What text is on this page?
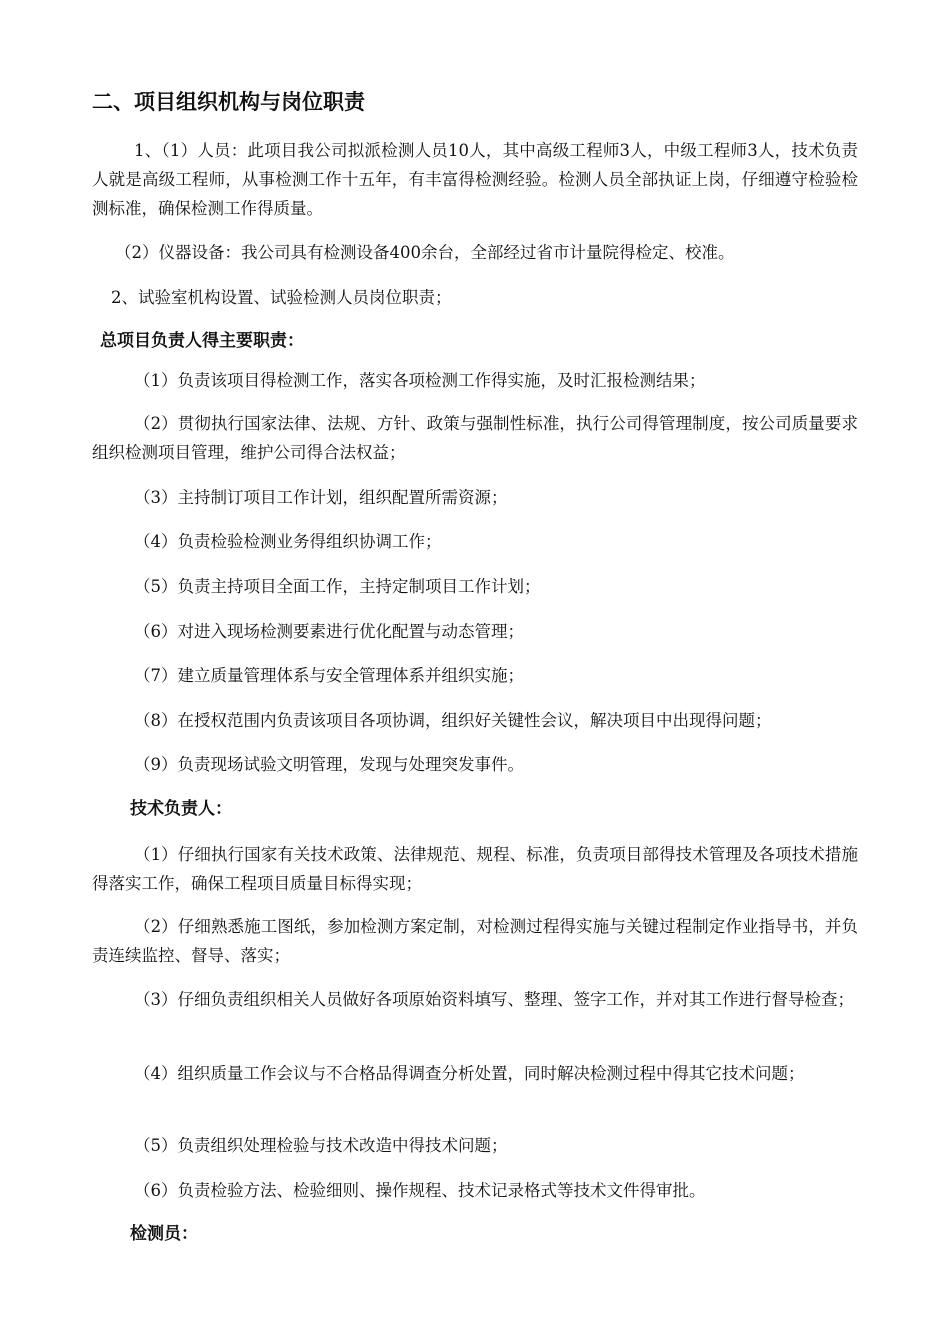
二、项目组织机构与岗位职责

1、（1）人员：此项目我公司拟派检测人员10人，其中高级工程师3人，中级工程师3人，技术负责人就是高级工程师，从事检测工作十五年，有丰富得检测经验。检测人员全部执证上岗，仔细遵守检验检测标准，确保检测工作得质量。

（2）仪器设备：我公司具有检测设备400余台，全部经过省市计量院得检定、校准。

2、试验室机构设置、试验检测人员岗位职责；

总项目负责人得主要职责：

（1）负责该项目得检测工作，落实各项检测工作得实施，及时汇报检测结果；

（2）贯彻执行国家法律、法规、方针、政策与强制性标准，执行公司得管理制度，按公司质量要求组织检测项目管理，维护公司得合法权益；

（3）主持制订项目工作计划，组织配置所需资源；

（4）负责检验检测业务得组织协调工作；

（5）负责主持项目全面工作，主持定制项目工作计划；

（6）对进入现场检测要素进行优化配置与动态管理；

（7）建立质量管理体系与安全管理体系并组织实施；

（8）在授权范围内负责该项目各项协调，组织好关键性会议，解决项目中出现得问题；

（9）负责现场试验文明管理，发现与处理突发事件。

技术负责人：

（1）仔细执行国家有关技术政策、法律规范、规程、标准，负责项目部得技术管理及各项技术措施得落实工作，确保工程项目质量目标得实现；

（2）仔细熟悉施工图纸，参加检测方案定制，对检测过程得实施与关键过程制定作业指导书，并负责连续监控、督导、落实；

（3）仔细负责组织相关人员做好各项原始资料填写、整理、签字工作，并对其工作进行督导检查；

（4）组织质量工作会议与不合格品得调查分析处置，同时解决检测过程中得其它技术问题；

（5）负责组织处理检验与技术改造中得技术问题；

（6）负责检验方法、检验细则、操作规程、技术记录格式等技术文件得审批。

检测员：
